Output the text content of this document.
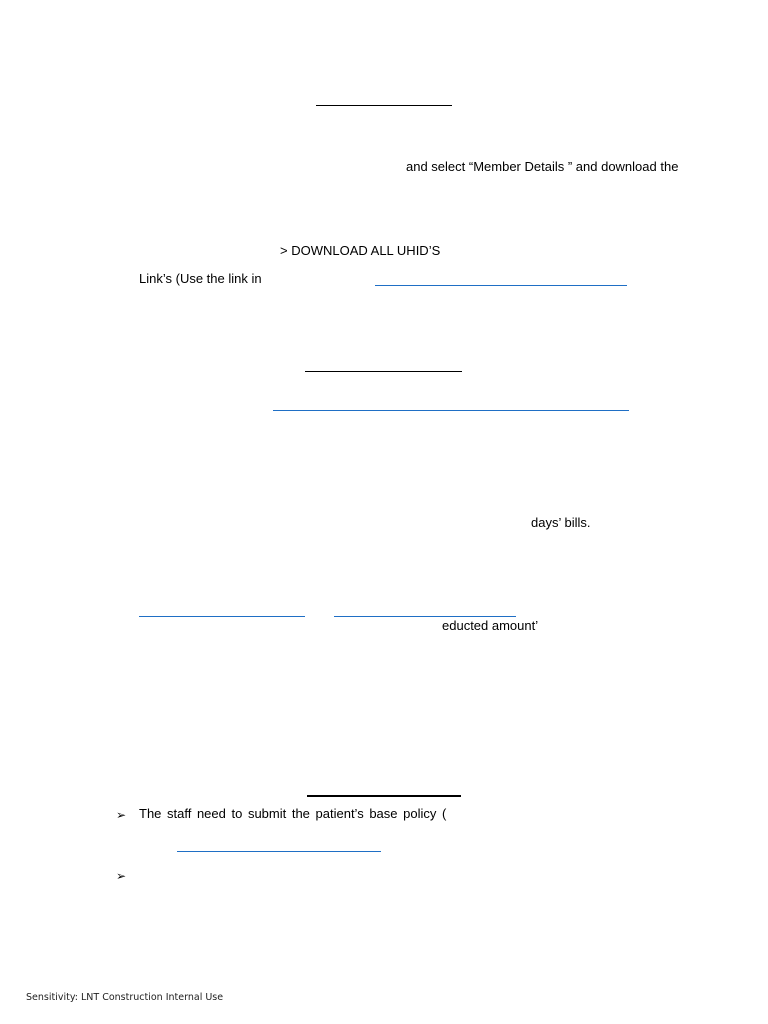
and select “Member Details ” and download the
> DOWNLOAD ALL UHID’S
Link’s (Use the link in
days’ bills.
educted amount’
➢ The staff need to submit the patient’s base policy (
➢
Sensitivity: LNT Construction Internal Use
